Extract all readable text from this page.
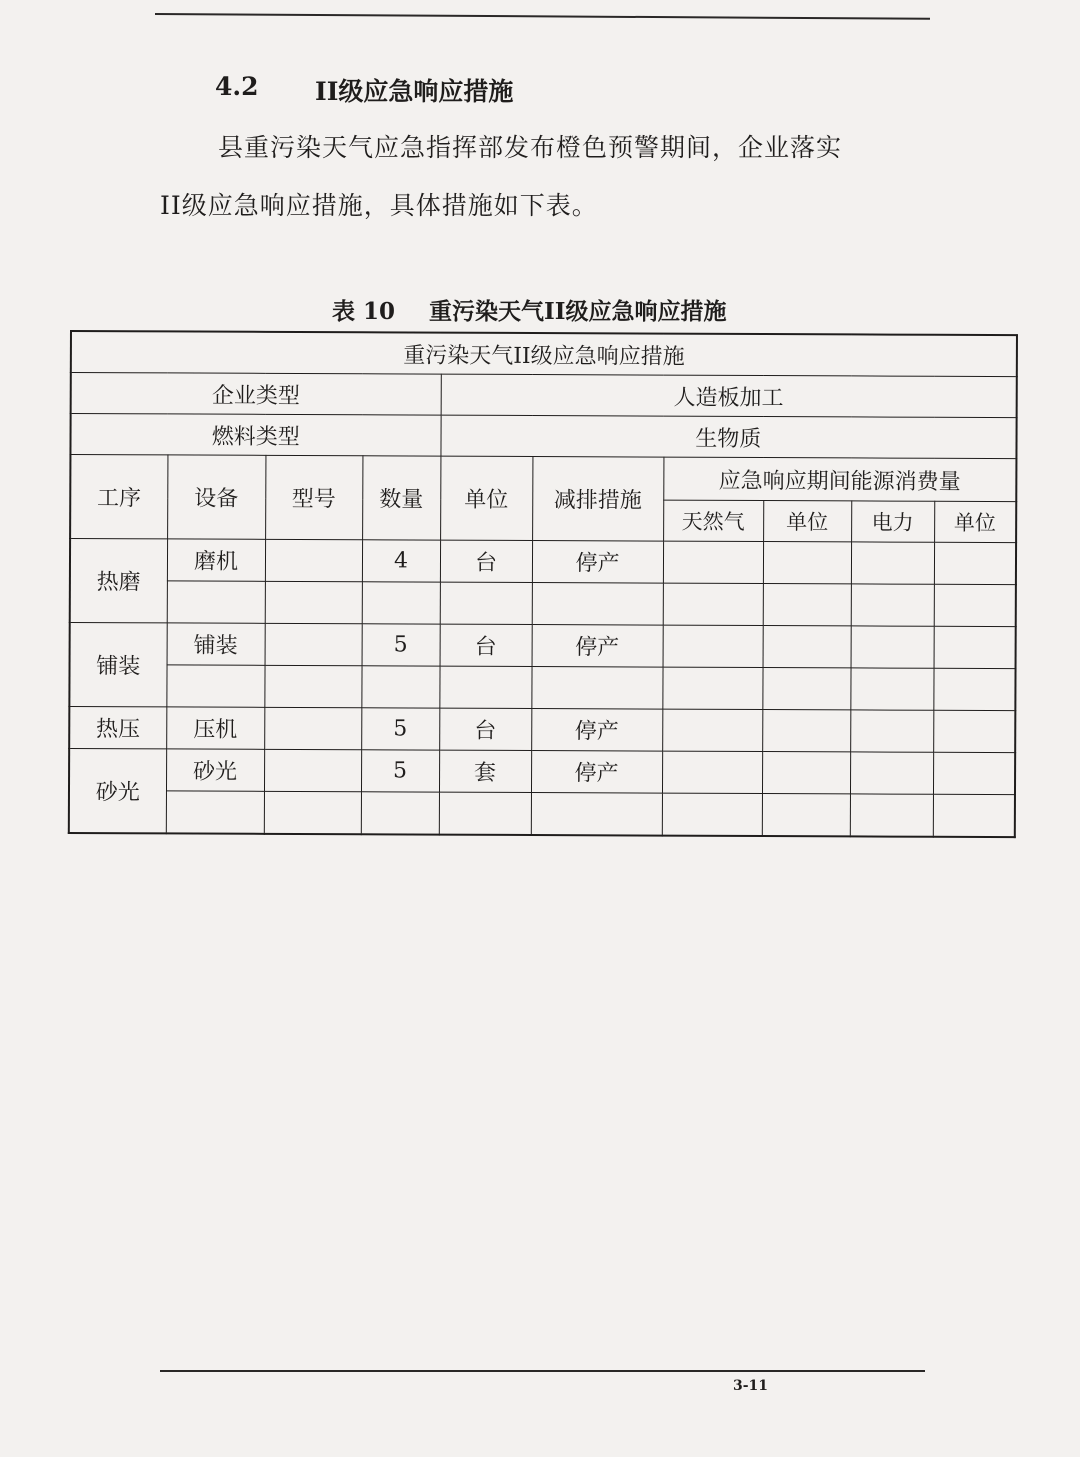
4.2	II级应急响应措施
县重污染天气应急指挥部发布橙色预警期间，企业落实
II级应急响应措施，具体措施如下表。
表 10 重污染天气II级应急响应措施
重污染天气II级应急响应措施									
企业类型				人造板加工					
燃料类型				生物质					
工序	设备	型号	数量	单位	减排措施	应急响应期间能源消费量			
						天然气	单位	电力	单位
热磨	磨机		4	台	停产				

铺装	铺装		5	台	停产				

热压	压机		5	台	停产				
砂光	砂光		5	套	停产				

3-11
